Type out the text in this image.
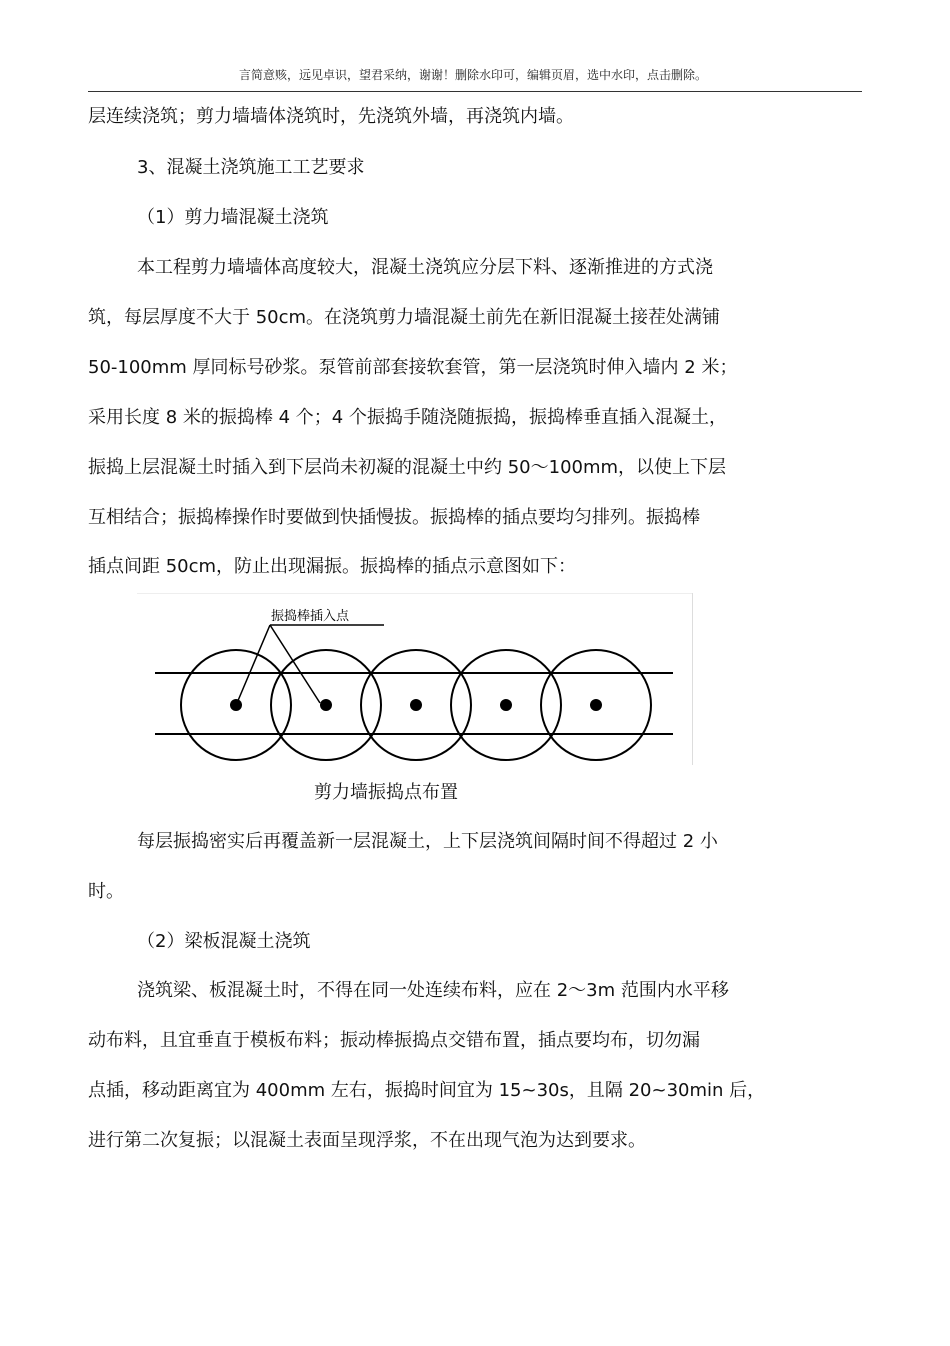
言简意赅，远见卓识，望君采纳，谢谢！删除水印可，编辑页眉，选中水印，点击删除。
层连续浇筑；剪力墙墙体浇筑时，先浇筑外墙，再浇筑内墙。
3、混凝土浇筑施工工艺要求
（1）剪力墙混凝土浇筑
本工程剪力墙墙体高度较大，混凝土浇筑应分层下料、逐渐推进的方式浇
筑，每层厚度不大于 50cm。在浇筑剪力墙混凝土前先在新旧混凝土接茬处满铺
50-100mm 厚同标号砂浆。泵管前部套接软套管，第一层浇筑时伸入墙内 2 米；
采用长度 8 米的振捣棒 4 个；4 个振捣手随浇随振捣，振捣棒垂直插入混凝土，
振捣上层混凝土时插入到下层尚未初凝的混凝土中约 50～100mm，以使上下层
互相结合；振捣棒操作时要做到快插慢拔。振捣棒的插点要均匀排列。振捣棒
插点间距 50cm，防止出现漏振。振捣棒的插点示意图如下：
振捣棒插入点
剪力墙振捣点布置
每层振捣密实后再覆盖新一层混凝土，上下层浇筑间隔时间不得超过 2 小
时。
（2）梁板混凝土浇筑
浇筑梁、板混凝土时，不得在同一处连续布料，应在 2～3m 范围内水平移
动布料，且宜垂直于模板布料；振动棒振捣点交错布置，插点要均布，切勿漏
点插，移动距离宜为 400mm 左右，振捣时间宜为 15~30s，且隔 20~30min 后，
进行第二次复振；以混凝土表面呈现浮浆，不在出现气泡为达到要求。
